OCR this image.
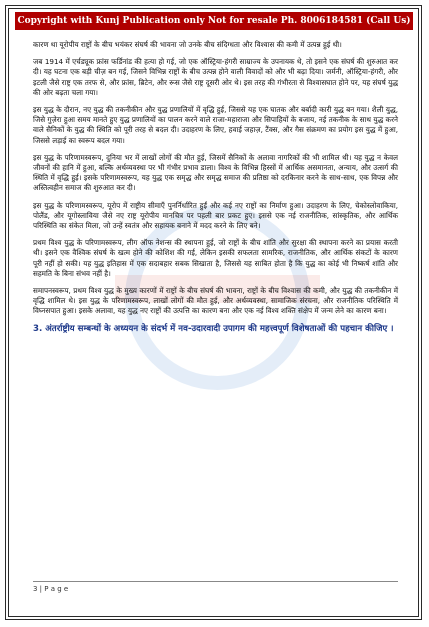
Copyright with Kunj Publication only Not for resale Ph. 8006184581 (Call Us)

कारण था यूरोपीय राष्ट्रों के बीच भयंकर संघर्ष की भावना जो उनके बीच संदिग्धता और विश्वास की कमी में उत्पन्न हुई थी।

जब 1914 में एर्चड्यूक फ्रांस फर्डिनांड की हत्या हो गई, जो एक ऑस्ट्रिया-हंगरी साम्राज्य के उपनायक थे, तो इसने एक संघर्ष की शुरुआत कर दी। यह घटना एक बड़ी चीज़ बन गई, जिसने विभिन्न राष्ट्रों के बीच उत्पन्न होने वाली विवादों को और भी बढ़ा दिया। जर्मनी, ऑस्ट्रिया-हंगरी, और इटली जैसे राष्ट्र एक तरफ से, और फ्रांस, ब्रिटेन, और रूस जैसे राष्ट्र दूसरी ओर थे। इस तरह की गंभीरता से विश्वासघात होने पर, यह संघर्ष युद्ध की ओर बढ़ता चला गया।

इस युद्ध के दौरान, नए युद्ध की तकनीकीन और युद्ध प्रणालियों में वृद्धि हुई, जिससे यह एक घातक और बर्बादी कारी युद्ध बन गया। शैली युद्ध, जिसे गुज़ेरा हुआ समय मानते हुए युद्ध प्रणालियों का पालन करने वाले राजा-महाराजा और सिपाहियों के बजाय, नई तकनीक के साथ युद्ध करने वाले सैनिकों के युद्ध की स्थिति को पूरी तरह से बदल दी। उदाहरण के लिए, हवाई जहाज़, टैंक्स, और गैस संक्रमण का प्रयोग इस युद्ध में हुआ, जिससे लड़ाई का स्वरूप बदल गया।

इस युद्ध के परिणामस्वरूप, दुनिया भर में लाखों लोगों की मौत हुई, जिसमें सैनिकों के अलावा नागरिकों की भी शामिल थी। यह युद्ध न केवल जीवनों की हानि में हुआ, बल्कि अर्थव्यवस्था पर भी गंभीर प्रभाव डाला। विश्व के विभिन्न हिस्सों में आर्थिक असमानता, अन्याय, और उत्सर्ग की स्थिति में वृद्धि हुई। इसके परिणामस्वरूप, यह युद्ध एक समृद्ध और समृद्ध समाज की प्रतिष्ठा को दरकिनार करने के साथ-साथ, एक विपन्न और अस्तित्वहीन समाज की शुरुआत कर दी।

इस युद्ध के परिणामस्वरूप, यूरोप में राष्ट्रीय सीमाएँ पुनर्निर्धारित हुईं और कई नए राष्ट्रों का निर्माण हुआ। उदाहरण के लिए, चेकोस्लोवाकिया, पोलैंड, और यूगोस्लाविया जैसे नए राष्ट्र यूरोपीय मानचित्र पर पहली बार प्रकट हुए। इससे एक नई राजनीतिक, सांस्कृतिक, और आर्थिक परिस्थिति का संकेत मिला, जो उन्हें स्वतंत्र और सहायक बनाने में मदद करने के लिए बने।

प्रथम विश्व युद्ध के परिणामस्वरूप, लीग ऑफ नेशन्स की स्थापना हुई, जो राष्ट्रों के बीच शांति और सुरक्षा की स्थापना करने का प्रयास करती थी। इसने एक वैश्विक संघर्ष के खत्म होने की कोशिश की गई, लेकिन इसकी सफलता सामरिक, राजनीतिक, और आर्थिक संकटों के कारण पूरी नहीं हो सकी। यह युद्ध इतिहास में एक सदाबहार सबक सिखाता है, जिससे यह साबित होता है कि युद्ध का कोई भी निष्कर्ष शांति और सहमति के बिना संभव नहीं है।

समापनस्वरूप, प्रथम विश्व युद्ध के मुख्य कारणों में राष्ट्रों के बीच संघर्ष की भावना, राष्ट्रों के बीच विश्वास की कमी, और युद्ध की तकनीकीन में वृद्धि शामिल थे। इस युद्ध के परिणामस्वरूप, लाखों लोगों की मौत हुई, और अर्थव्यवस्था, सामाजिक संरचना, और राजनीतिक परिस्थिति में विघ्नसपात हुआ। इसके अलावा, यह युद्ध नए राष्ट्रों की उत्पत्ति का कारण बना और एक नई विश्व शक्ति संक्षेप में जन्म लेने का कारण बना।

3. अंतर्राष्ट्रीय सम्बन्धों के अध्ययन के संदर्भ में नव-उदारवादी उपागम की महत्त्वपूर्ण विशेषताओं की पहचान कीजिए ।

3 | P a g e
